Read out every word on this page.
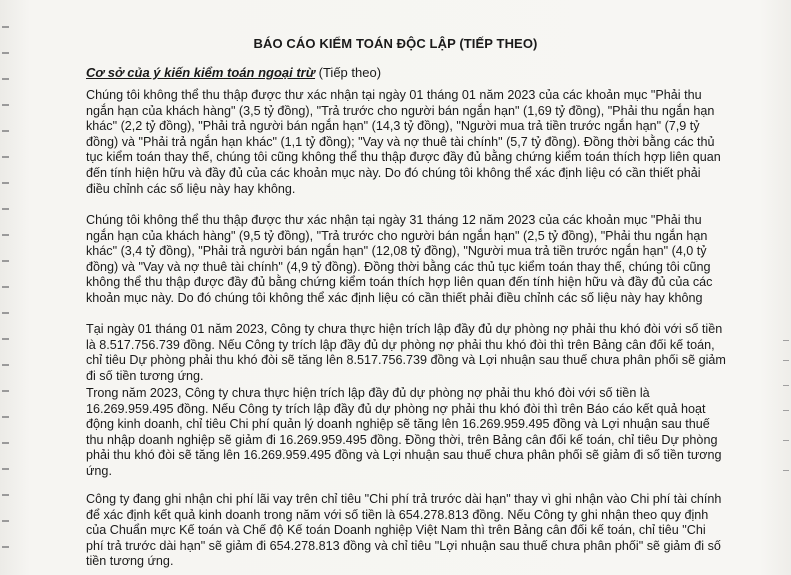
BÁO CÁO KIỂM TOÁN ĐỘC LẬP (TIẾP THEO)
Cơ sở của ý kiến kiểm toán ngoại trừ (Tiếp theo)

Chúng tôi không thể thu thập được thư xác nhận tại ngày 01 tháng 01 năm 2023 của các khoản mục "Phải thu ngắn hạn của khách hàng" (3,5 tỷ đồng), "Trả trước cho người bán ngắn hạn" (1,69 tỷ đồng), "Phải thu ngắn hạn khác" (2,2 tỷ đồng), "Phải trả người bán ngắn hạn" (14,3 tỷ đồng), "Người mua trả tiền trước ngắn hạn" (7,9 tỷ đồng) và "Phải trả ngắn hạn khác" (1,1 tỷ đồng); "Vay và nợ thuê tài chính" (5,7 tỷ đồng). Đồng thời bằng các thủ tục kiểm toán thay thế, chúng tôi cũng không thể thu thập được đầy đủ bằng chứng kiểm toán thích hợp liên quan đến tính hiện hữu và đầy đủ của các khoản mục này. Do đó chúng tôi không thể xác định liệu có cần thiết phải điều chỉnh các số liệu này hay không.

Chúng tôi không thể thu thập được thư xác nhận tại ngày 31 tháng 12 năm 2023 của các khoản mục "Phải thu ngắn hạn của khách hàng" (9,5 tỷ đồng), "Trả trước cho người bán ngắn hạn" (2,5 tỷ đồng), "Phải thu ngắn hạn khác" (3,4 tỷ đồng), "Phải trả người bán ngắn hạn" (12,08 tỷ đồng), "Người mua trả tiền trước ngắn hạn" (4,0 tỷ đồng) và "Vay và nợ thuê tài chính" (4,9 tỷ đồng). Đồng thời bằng các thủ tục kiểm toán thay thế, chúng tôi cũng không thể thu thập được đầy đủ bằng chứng kiểm toán thích hợp liên quan đến tính hiện hữu và đầy đủ của các khoản mục này. Do đó chúng tôi không thể xác định liệu có cần thiết phải điều chỉnh các số liệu này hay không

Tại ngày 01 tháng 01 năm 2023, Công ty chưa thực hiện trích lập đầy đủ dự phòng nợ phải thu khó đòi với số tiền là 8.517.756.739 đồng. Nếu Công ty trích lập đầy đủ dự phòng nợ phải thu khó đòi thì trên Bảng cân đối kế toán, chỉ tiêu Dự phòng phải thu khó đòi sẽ tăng lên 8.517.756.739 đồng và Lợi nhuận sau thuế chưa phân phối sẽ giảm đi số tiền tương ứng.

Trong năm 2023, Công ty chưa thực hiện trích lập đầy đủ dự phòng nợ phải thu khó đòi với số tiền là 16.269.959.495 đồng. Nếu Công ty trích lập đầy đủ dự phòng nợ phải thu khó đòi thì trên Báo cáo kết quả hoạt động kinh doanh, chỉ tiêu Chi phí quản lý doanh nghiệp sẽ tăng lên 16.269.959.495 đồng và Lợi nhuận sau thuế thu nhập doanh nghiệp sẽ giảm đi 16.269.959.495 đồng. Đồng thời, trên Bảng cân đối kế toán, chỉ tiêu Dự phòng phải thu khó đòi sẽ tăng lên 16.269.959.495 đồng và Lợi nhuận sau thuế chưa phân phối sẽ giảm đi số tiền tương ứng.

Công ty đang ghi nhận chi phí lãi vay trên chỉ tiêu "Chi phí trả trước dài hạn" thay vì ghi nhận vào Chi phí tài chính để xác định kết quả kinh doanh trong năm với số tiền là 654.278.813 đồng. Nếu Công ty ghi nhận theo quy định của Chuẩn mực Kế toán và Chế độ Kế toán Doanh nghiệp Việt Nam thì trên Bảng cân đối kế toán, chỉ tiêu "Chi phí trả trước dài hạn" sẽ giảm đi 654.278.813 đồng và chỉ tiêu "Lợi nhuận sau thuế chưa phân phối" sẽ giảm đi số tiền tương ứng.
